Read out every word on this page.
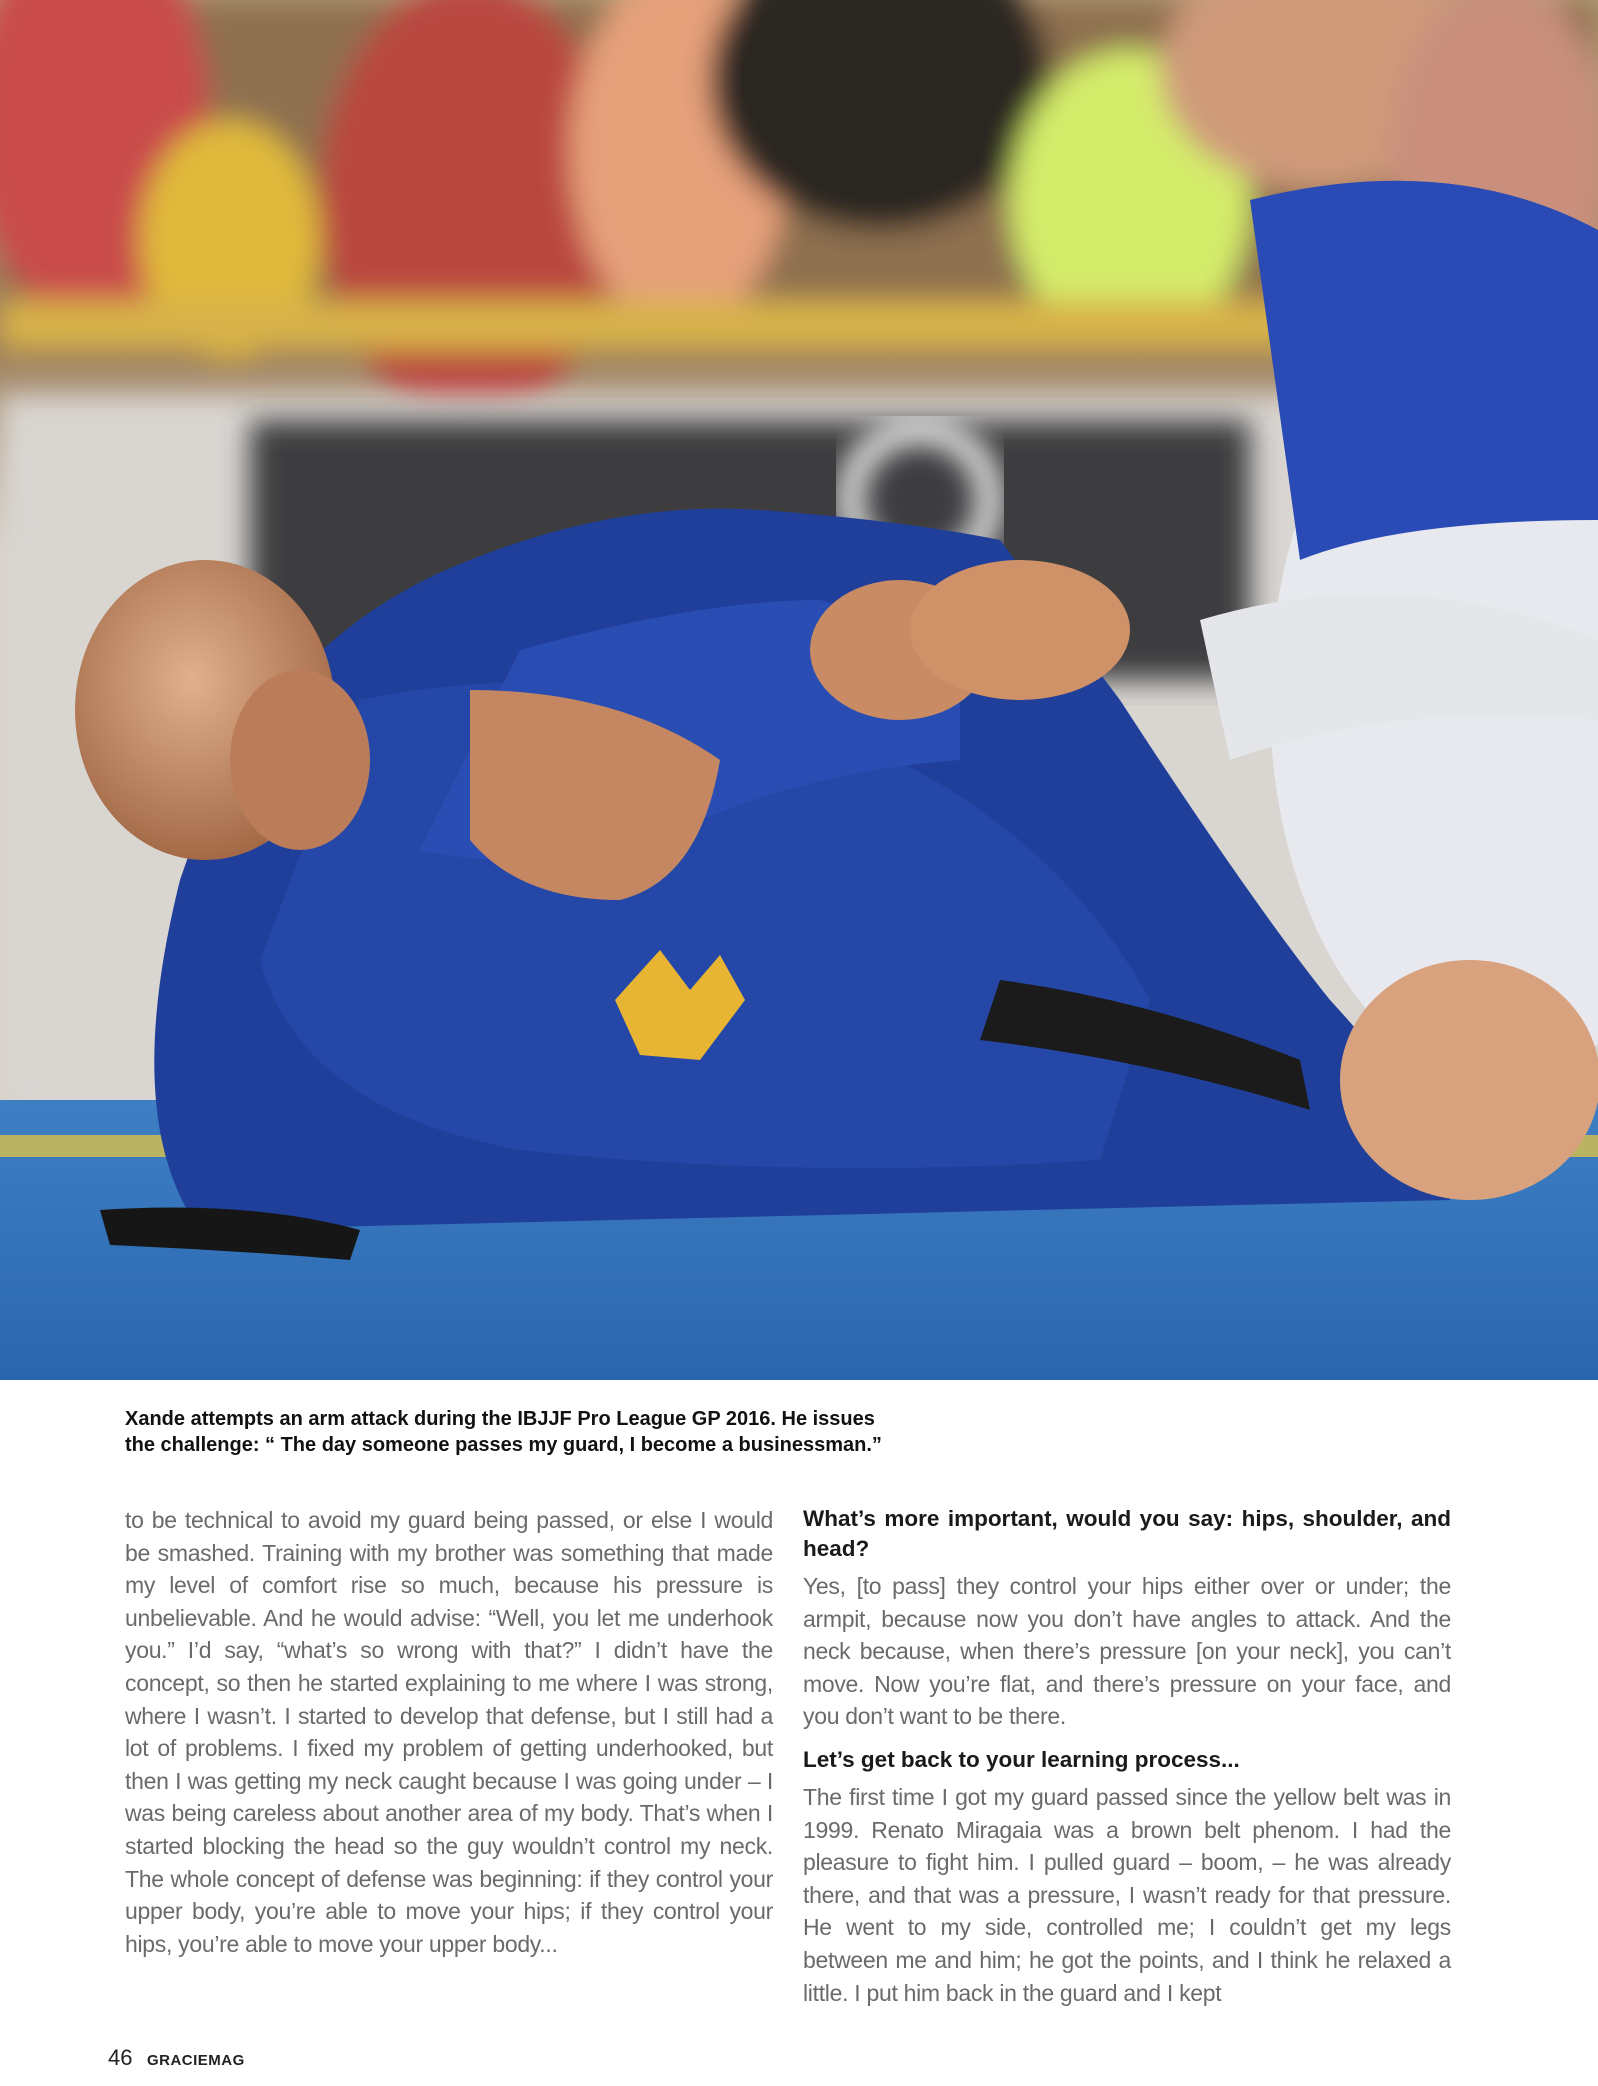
Xande attempts an arm attack during the IBJJF Pro League GP 2016. He issues
the challenge: “ The day someone passes my guard, I become a businessman.”

to be technical to avoid my guard being passed, or else I would be smashed. Training with my brother was something that made my level of comfort rise so much, because his pressure is unbelievable. And he would advise: “Well, you let me underhook you.” I’d say, “what’s so wrong with that?” I didn’t have the concept, so then he started explaining to me where I was strong, where I wasn’t. I started to develop that defense, but I still had a lot of problems. I fixed my problem of getting underhooked, but then I was getting my neck caught because I was going under – I was being careless about another area of my body. That’s when I started blocking the head so the guy wouldn’t control my neck. The whole concept of defense was beginning: if they control your upper body, you’re able to move your hips; if they control your hips, you’re able to move your upper body...

What’s more important, would you say: hips, shoulder, and head?

Yes, [to pass] they control your hips either over or under; the armpit, because now you don’t have angles to attack. And the neck because, when there’s pressure [on your neck], you can’t move. Now you’re flat, and there’s pressure on your face, and you don’t want to be there.

Let’s get back to your learning process...

The first time I got my guard passed since the yellow belt was in 1999. Renato Miragaia was a brown belt phenom. I had the pleasure to fight him. I pulled guard – boom, – he was already there, and that was a pressure, I wasn’t ready for that pressure. He went to my side, controlled me; I couldn’t get my legs between me and him; he got the points, and I think he relaxed a little. I put him back in the guard and I kept

46 GRACIEMAG
